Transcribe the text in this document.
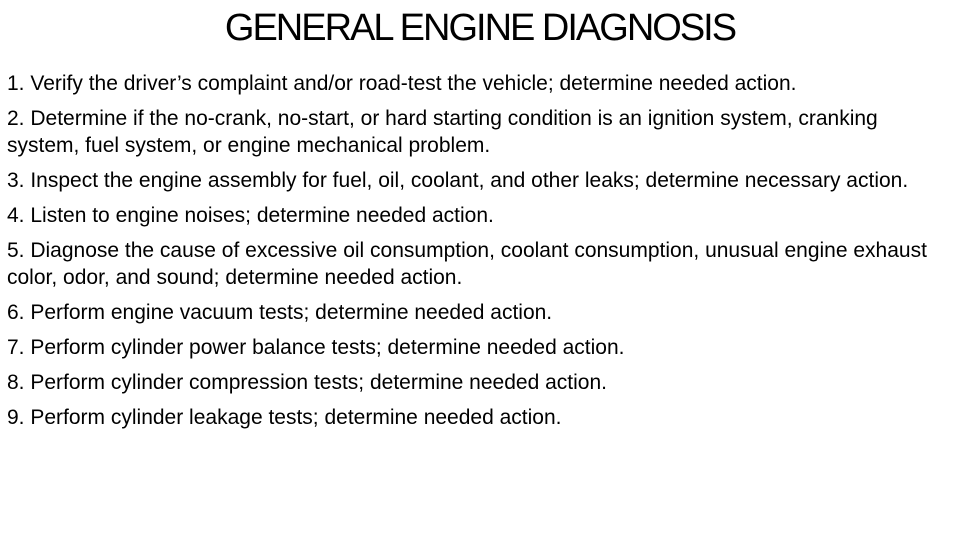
GENERAL ENGINE DIAGNOSIS
1. Verify the driver’s complaint and/or road-test the vehicle; determine needed action.
2. Determine if the no-crank, no-start, or hard starting condition is an ignition system, cranking system, fuel system, or engine mechanical problem.
3. Inspect the engine assembly for fuel, oil, coolant, and other leaks; determine necessary action.
4. Listen to engine noises; determine needed action.
5. Diagnose the cause of excessive oil consumption, coolant consumption, unusual engine exhaust color, odor, and sound; determine needed action.
6. Perform engine vacuum tests; determine needed action.
7. Perform cylinder power balance tests; determine needed action.
8. Perform cylinder compression tests; determine needed action.
9. Perform cylinder leakage tests; determine needed action.
